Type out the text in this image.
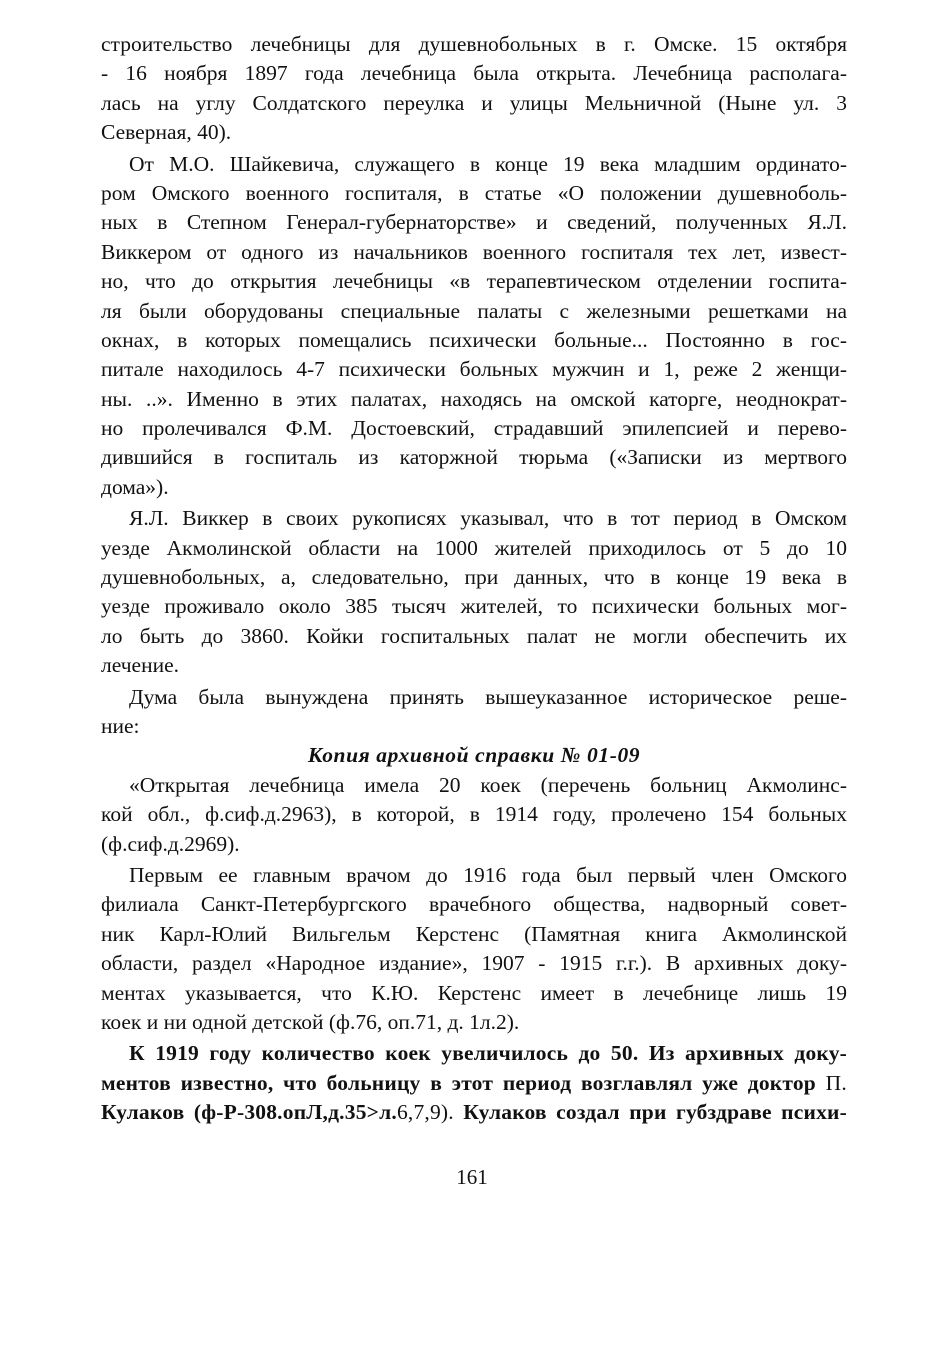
строительство лечебницы для душевнобольных в г. Омске. 15 октября
- 16 ноября 1897 года лечебница была открыта. Лечебница располага-
лась на углу Солдатского переулка и улицы Мельничной (Ныне ул. 3
Северная, 40).
От М.О. Шайкевича, служащего в конце 19 века младшим ординато-
ром Омского военного госпиталя, в статье «О положении душевноболь-
ных в Степном Генерал-губернаторстве» и сведений, полученных Я.Л.
Виккером от одного из начальников военного госпиталя тех лет, извест-
но, что до открытия лечебницы «в терапевтическом отделении госпита-
ля были оборудованы специальные палаты с железными решетками на
окнах, в которых помещались психически больные... Постоянно в гос-
питале находилось 4-7 психически больных мужчин и 1, реже 2 женщи-
ны. ..». Именно в этих палатах, находясь на омской каторге, неоднократ-
но пролечивался Ф.М. Достоевский, страдавший эпилепсией и перево-
дившийся в госпиталь из каторжной тюрьма («Записки из мертвого
дома»).
Я.Л. Виккер в своих рукописях указывал, что в тот период в Омском
уезде Акмолинской области на 1000 жителей приходилось от 5 до 10
душевнобольных, а, следовательно, при данных, что в конце 19 века в
уезде проживало около 385 тысяч жителей, то психически больных мог-
ло быть до 3860. Койки госпитальных палат не могли обеспечить их
лечение.
Дума была вынуждена принять вышеуказанное историческое реше-
ние:
Копия архивной справки № 01-09
«Открытая лечебница имела 20 коек (перечень больниц Акмолинс-
кой обл., ф.сиф.д.2963), в которой, в 1914 году, пролечено 154 больных
(ф.сиф.д.2969).
Первым ее главным врачом до 1916 года был первый член Омского
филиала Санкт-Петербургского врачебного общества, надворный совет-
ник Карл-Юлий Вильгельм Керстенс (Памятная книга Акмолинской
области, раздел «Народное издание», 1907 - 1915 г.г.). В архивных доку-
ментах указывается, что К.Ю. Керстенс имеет в лечебнице лишь 19
коек и ни одной детской (ф.76, оп.71, д. 1л.2).
К 1919 году количество коек увеличилось до 50. Из архивных доку-
ментов известно, что больницу в этот период возглавлял уже доктор П.
Кулаков (ф-Р-308.опЛ,д.35>л.6,7,9). Кулаков создал при губздраве психи-
161
